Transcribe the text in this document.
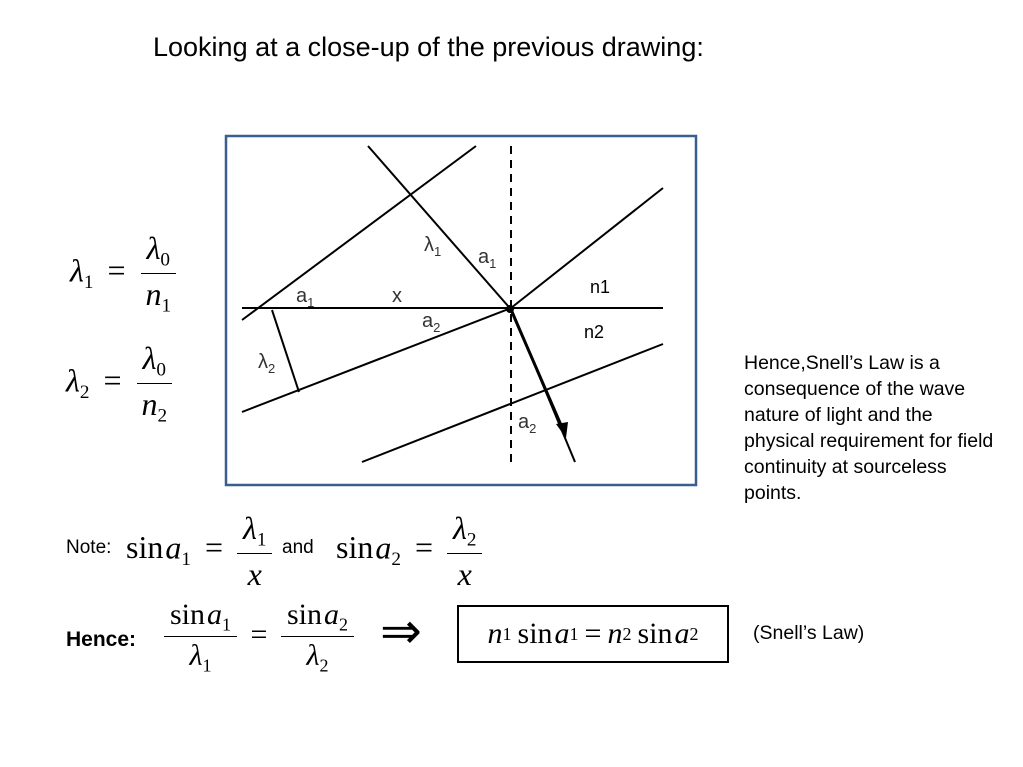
Looking at a close-up of the previous drawing:
$\lambda_1$ $a_1$
$a_1$	x
$a_2$
$\lambda_2$
$a_2$
n1
n2
$\lambda_1 = \frac{\lambda_0}{n_1}$
$\lambda_2 = \frac{\lambda_0}{n_2}$	Hence,Snell’s Law is a consequence of the wave nature of light and the physical requirement for field continuity at sourceless points.
Note: $\sin a_1 = \frac{\lambda_1}{x}$ and $\sin a_2 = \frac{\lambda_2}{x}$
Hence: $\frac{\sin a_1}{\lambda_1} = \frac{\sin a_2}{\lambda_2}$ ⇒ n 1 sin a 1 = n 2 sin a 2	(Snell’s Law)
